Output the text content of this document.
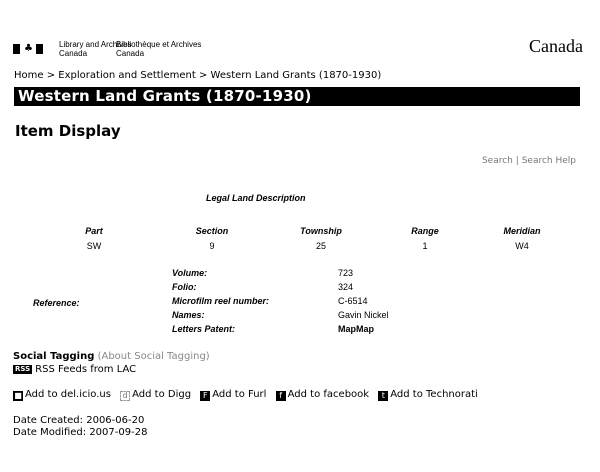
♣	Library and Archives
Canada
Bibliothèque et Archives
Canada	Canada
Home > Exploration and Settlement > Western Land Grants (1870-1930)
Western Land Grants (1870-1930)
Item Display
Search | Search Help
Legal Land Description
Part	Section	Township	Range	Meridian
SW	9	25	1	W4
Reference:
Volume:	723
Folio:	324
Microfilm reel number:	C-6514
Names:	Gavin Nickel
Letters Patent:	MapMap
Social Tagging (About Social Tagging)
RSS RSS Feeds from LAC
■ Add to del.icio.us d Add to Digg F Add to Furl f Add to facebook t Add to Technorati
Date Created: 2006-06-20
Date Modified: 2007-09-28
